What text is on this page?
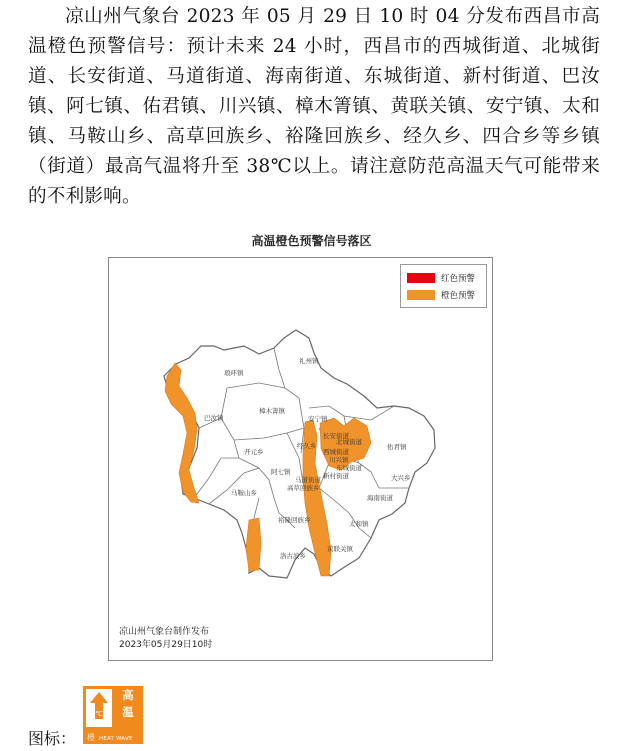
凉山州气象台 2023 年 05 月 29 日 10 时 04 分发布西昌市高温橙色预警信号：预计未来 24 小时，西昌市的西城街道、北城街道、长安街道、马道街道、海南街道、东城街道、新村街道、巴汝镇、阿七镇、佑君镇、川兴镇、樟木箐镇、黄联关镇、安宁镇、太和镇、马鞍山乡、高草回族乡、裕隆回族乡、经久乡、四合乡等乡镇（街道）最高气温将升至 38℃以上。请注意防范高温天气可能带来的不利影响。

高温橙色预警信号落区
礼州镇
琅环镇
巴汝镇
樟木箐镇
安宁镇
长安街道
佑君镇
北城街道
开元乡
经久乡
西城街道
川兴镇
东城街道
新村街道
马道街道	大兴乡
阿七镇
高草回族乡
海南街道
马鞍山乡
裕隆回族乡	太和镇
黄联关镇
洛古波乡
红色预警
橙色预警
凉山州气象台制作发布
2023年05月29日10时
图标：
℃
高
温
橙 HEAT WAVE
